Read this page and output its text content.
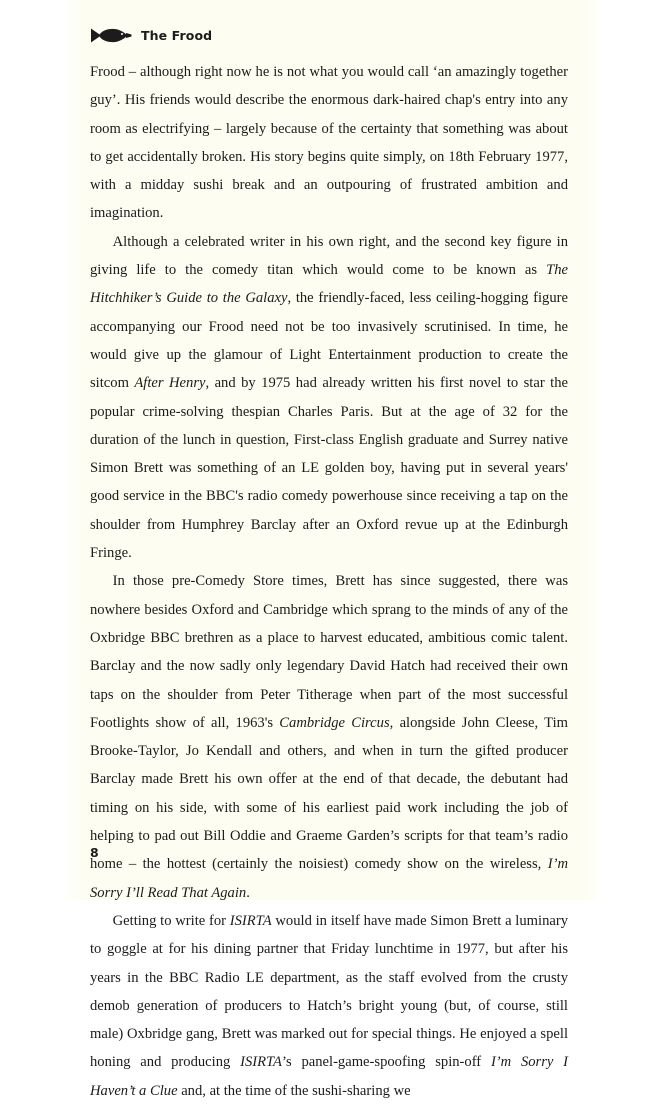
The Frood

Frood – although right now he is not what you would call ‘an amazingly together guy’. His friends would describe the enormous dark-haired chap's entry into any room as electrifying – largely because of the certainty that something was about to get accidentally broken. His story begins quite simply, on 18th February 1977, with a midday sushi break and an outpouring of frustrated ambition and imagination.

Although a celebrated writer in his own right, and the second key figure in giving life to the comedy titan which would come to be known as The Hitchhiker’s Guide to the Galaxy, the friendly-faced, less ceiling-hogging figure accompanying our Frood need not be too invasively scrutinised. In time, he would give up the glamour of Light Entertainment production to create the sitcom After Henry, and by 1975 had already written his first novel to star the popular crime-solving thespian Charles Paris. But at the age of 32 for the duration of the lunch in question, First-class English graduate and Surrey native Simon Brett was something of an LE golden boy, having put in several years' good service in the BBC's radio comedy powerhouse since receiving a tap on the shoulder from Humphrey Barclay after an Oxford revue up at the Edinburgh Fringe.

In those pre-Comedy Store times, Brett has since suggested, there was nowhere besides Oxford and Cambridge which sprang to the minds of any of the Oxbridge BBC brethren as a place to harvest educated, ambitious comic talent. Barclay and the now sadly only legendary David Hatch had received their own taps on the shoulder from Peter Titherage when part of the most successful Footlights show of all, 1963's Cambridge Circus, alongside John Cleese, Tim Brooke-Taylor, Jo Kendall and others, and when in turn the gifted producer Barclay made Brett his own offer at the end of that decade, the debutant had timing on his side, with some of his earliest paid work including the job of helping to pad out Bill Oddie and Graeme Garden’s scripts for that team’s radio home – the hottest (certainly the noisiest) comedy show on the wireless, I’m Sorry I’ll Read That Again.

Getting to write for ISIRTA would in itself have made Simon Brett a luminary to goggle at for his dining partner that Friday lunchtime in 1977, but after his years in the BBC Radio LE department, as the staff evolved from the crusty demob generation of producers to Hatch’s bright young (but, of course, still male) Oxbridge gang, Brett was marked out for special things. He enjoyed a spell honing and producing ISIRTA’s panel-game-spoofing spin-off I’m Sorry I Haven’t a Clue and, at the time of the sushi-sharing we

8
